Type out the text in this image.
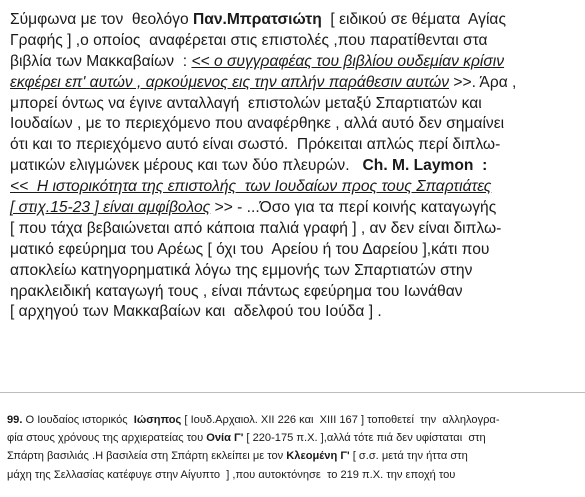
Σύμφωνα με τον  θεολόγο Παν.Μπρατσιώτη  [ ειδικού σε θέματα  Αγίας
Γραφής ] ,ο οποίος  αναφέρεται στις επιστολές ,που παρατίθενται στα
βιβλία των Μακκαβαίων  : << ο συγγραφέας του βιβλίου ουδεμίαν κρίσιν
εκφέρει επ' αυτών , αρκούμενος εις την απλήν παράθεσιν αυτών >>. Άρα ,
μπορεί όντως να έγινε ανταλλαγή  επιστολών μεταξύ Σπαρτιατών και
Ιουδαίων , με το περιεχόμενο που αναφέρθηκε , αλλά αυτό δεν σημαίνει
ότι και το περιεχόμενο αυτό είναι σωστό.  Πρόκειται απλώς περί διπλω-
ματικών ελιγμώνεκ μέρους και των δύο πλευρών.   Ch. M. Laymon  :
<<  Η ιστορικότητα της επιστολής  των Ιουδαίων προς τους Σπαρτιάτες
[ στιχ.15-23 ] είναι αμφίβολος >> - ...Όσο για τα περί κοινής καταγωγής
[ που τάχα βεβαιώνεται από κάποια παλιά γραφή ] , αν δεν είναι διπλω-
ματικό εφεύρημα του Αρέως [ όχι του  Αρείου ή του Δαρείου ],κάτι που
αποκλείω κατηγορηματικά λόγω της εμμονής των Σπαρτιατών στην
ηρακλειδική καταγωγή τους , είναι πάντως εφεύρημα του Ιωνάθαν
[ αρχηγού των Μακκαβαίων και  αδελφού του Ιούδα ] .
99. Ο Ιουδαίος ιστορικός  Ιώσηπος [ Ιουδ.Αρχαιολ. ΧΙΙ 226 και  ΧΙΙΙ 167 ] τοποθετεί  την  αλληλογρα-
φία στους χρόνους της αρχιερατείας του Ονία Γ' [ 220-175 π.Χ. ],αλλά τότε πιά δεν υφίσταται  στη
Σπάρτη βασιλιάς .Η βασιλεία στη Σπάρτη εκλείπει με τον Κλεομένη Γ' [ σ.σ. μετά την ήττα στη
μάχη της Σελλασίας κατέφυγε στην Αίγυπτο  ] ,που αυτοκτόνησε  το 219 π.Χ. την εποχή του
